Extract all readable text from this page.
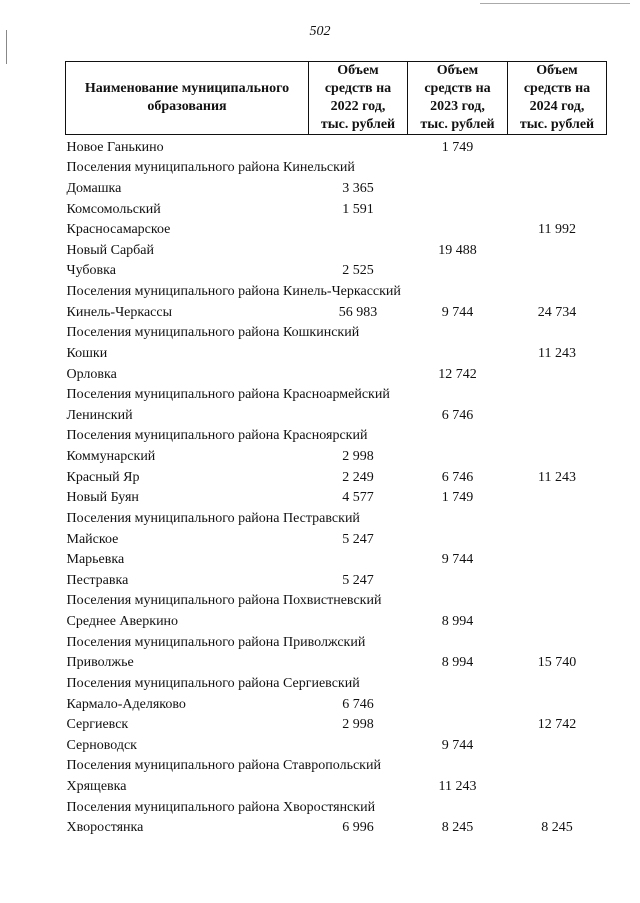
502
Наименование муниципального образования	Объем средств на 2022 год, тыс. рублей	Объем средств на 2023 год, тыс. рублей	Объем средств на 2024 год, тыс. рублей
Новое Ганькино		1 749	
Поселения муниципального района Кинельский			
Домашка	3 365		
Комсомольский	1 591		
Красносамарское			11 992
Новый Сарбай		19 488	
Чубовка	2 525		
Поселения муниципального района Кинель-Черкасский			
Кинель-Черкассы	56 983	9 744	24 734
Поселения муниципального района Кошкинский			
Кошки			11 243
Орловка		12 742	
Поселения муниципального района Красноармейский			
Ленинский		6 746	
Поселения муниципального района Красноярский			
Коммунарский	2 998		
Красный Яр	2 249	6 746	11 243
Новый Буян	4 577	1 749	
Поселения муниципального района Пестравский			
Майское	5 247		
Марьевка		9 744	
Пестравка	5 247		
Поселения муниципального района Похвистневский			
Среднее Аверкино		8 994	
Поселения муниципального района Приволжский			
Приволжье		8 994	15 740
Поселения муниципального района Сергиевский			
Кармало-Аделяково	6 746		
Сергиевск	2 998		12 742
Серноводск		9 744	
Поселения муниципального района Ставропольский			
Хрящевка		11 243	
Поселения муниципального района Хворостянский			
Хворостянка	6 996	8 245	8 245
